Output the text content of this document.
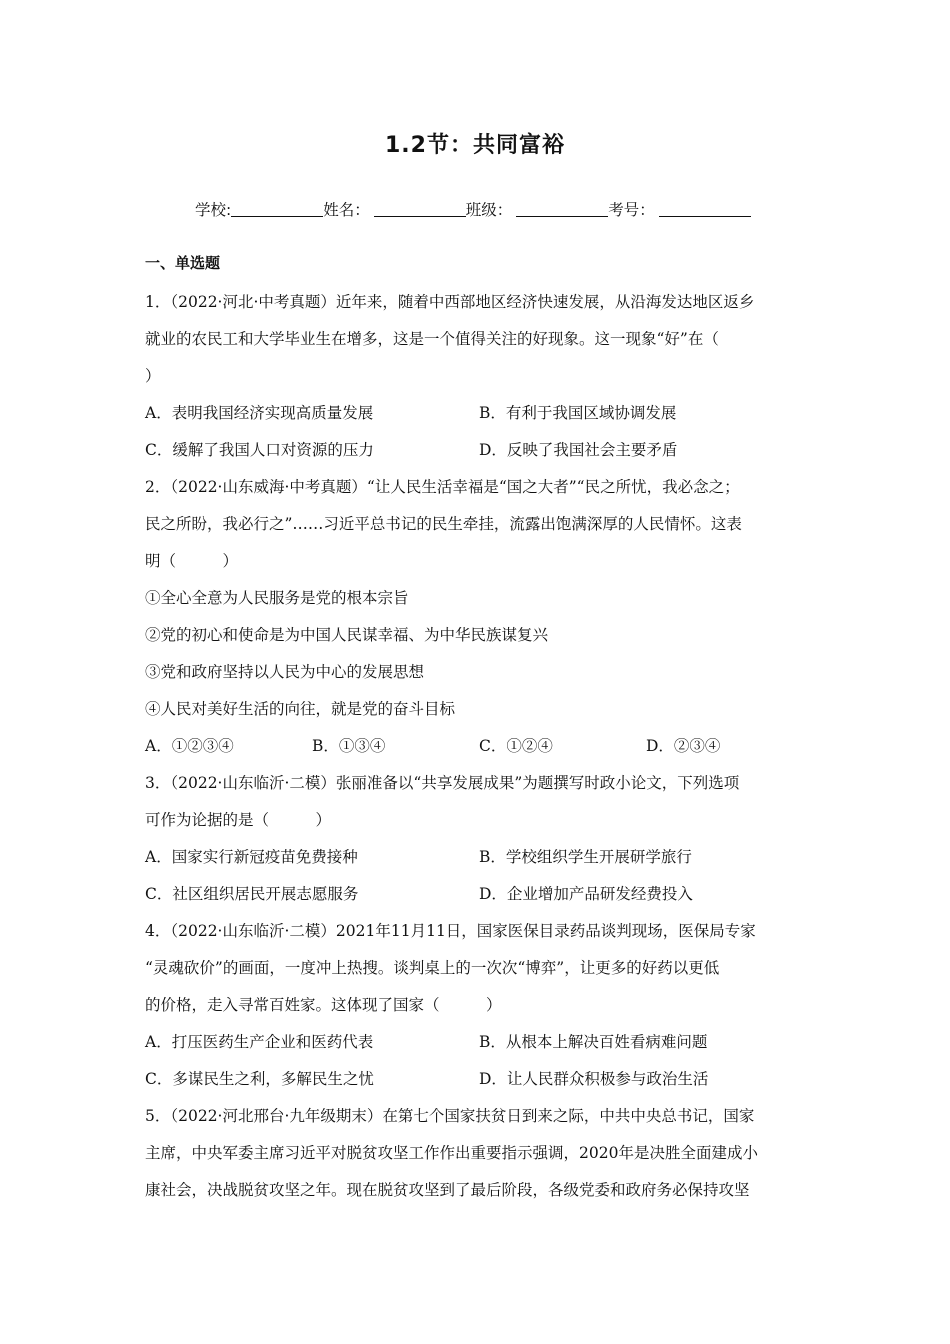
1.2节：共同富裕
学校:	姓名：	班级：	考号：
一、单选题
1．（2022·河北·中考真题）近年来，随着中西部地区经济快速发展，从沿海发达地区返乡
就业的农民工和大学毕业生在增多，这是一个值得关注的好现象。这一现象“好”在（
）
A．表明我国经济实现高质量发展	B．有利于我国区域协调发展
C．缓解了我国人口对资源的压力	D．反映了我国社会主要矛盾
2．（2022·山东威海·中考真题）“让人民生活幸福是“国之大者”“民之所忧，我必念之；
民之所盼，我必行之”……习近平总书记的民生牵挂，流露出饱满深厚的人民情怀。这表
明（　　　）
①全心全意为人民服务是党的根本宗旨
②党的初心和使命是为中国人民谋幸福、为中华民族谋复兴
③党和政府坚持以人民为中心的发展思想
④人民对美好生活的向往，就是党的奋斗目标
A．①②③④	B．①③④	C．①②④	D．②③④
3．（2022·山东临沂·二模）张丽准备以“共享发展成果”为题撰写时政小论文，下列选项
可作为论据的是（　　　）
A．国家实行新冠疫苗免费接种	B．学校组织学生开展研学旅行
C．社区组织居民开展志愿服务	D．企业增加产品研发经费投入
4．（2022·山东临沂·二模）2021年11月11日，国家医保目录药品谈判现场，医保局专家
“灵魂砍价”的画面，一度冲上热搜。谈判桌上的一次次“博弈”，让更多的好药以更低
的价格，走入寻常百姓家。这体现了国家（　　　）
A．打压医药生产企业和医药代表	B．从根本上解决百姓看病难问题
C．多谋民生之利，多解民生之忧	D．让人民群众积极参与政治生活
5．（2022·河北邢台·九年级期末）在第七个国家扶贫日到来之际，中共中央总书记，国家
主席，中央军委主席习近平对脱贫攻坚工作作出重要指示强调，2020年是决胜全面建成小
康社会，决战脱贫攻坚之年。现在脱贫攻坚到了最后阶段，各级党委和政府务必保持攻坚
